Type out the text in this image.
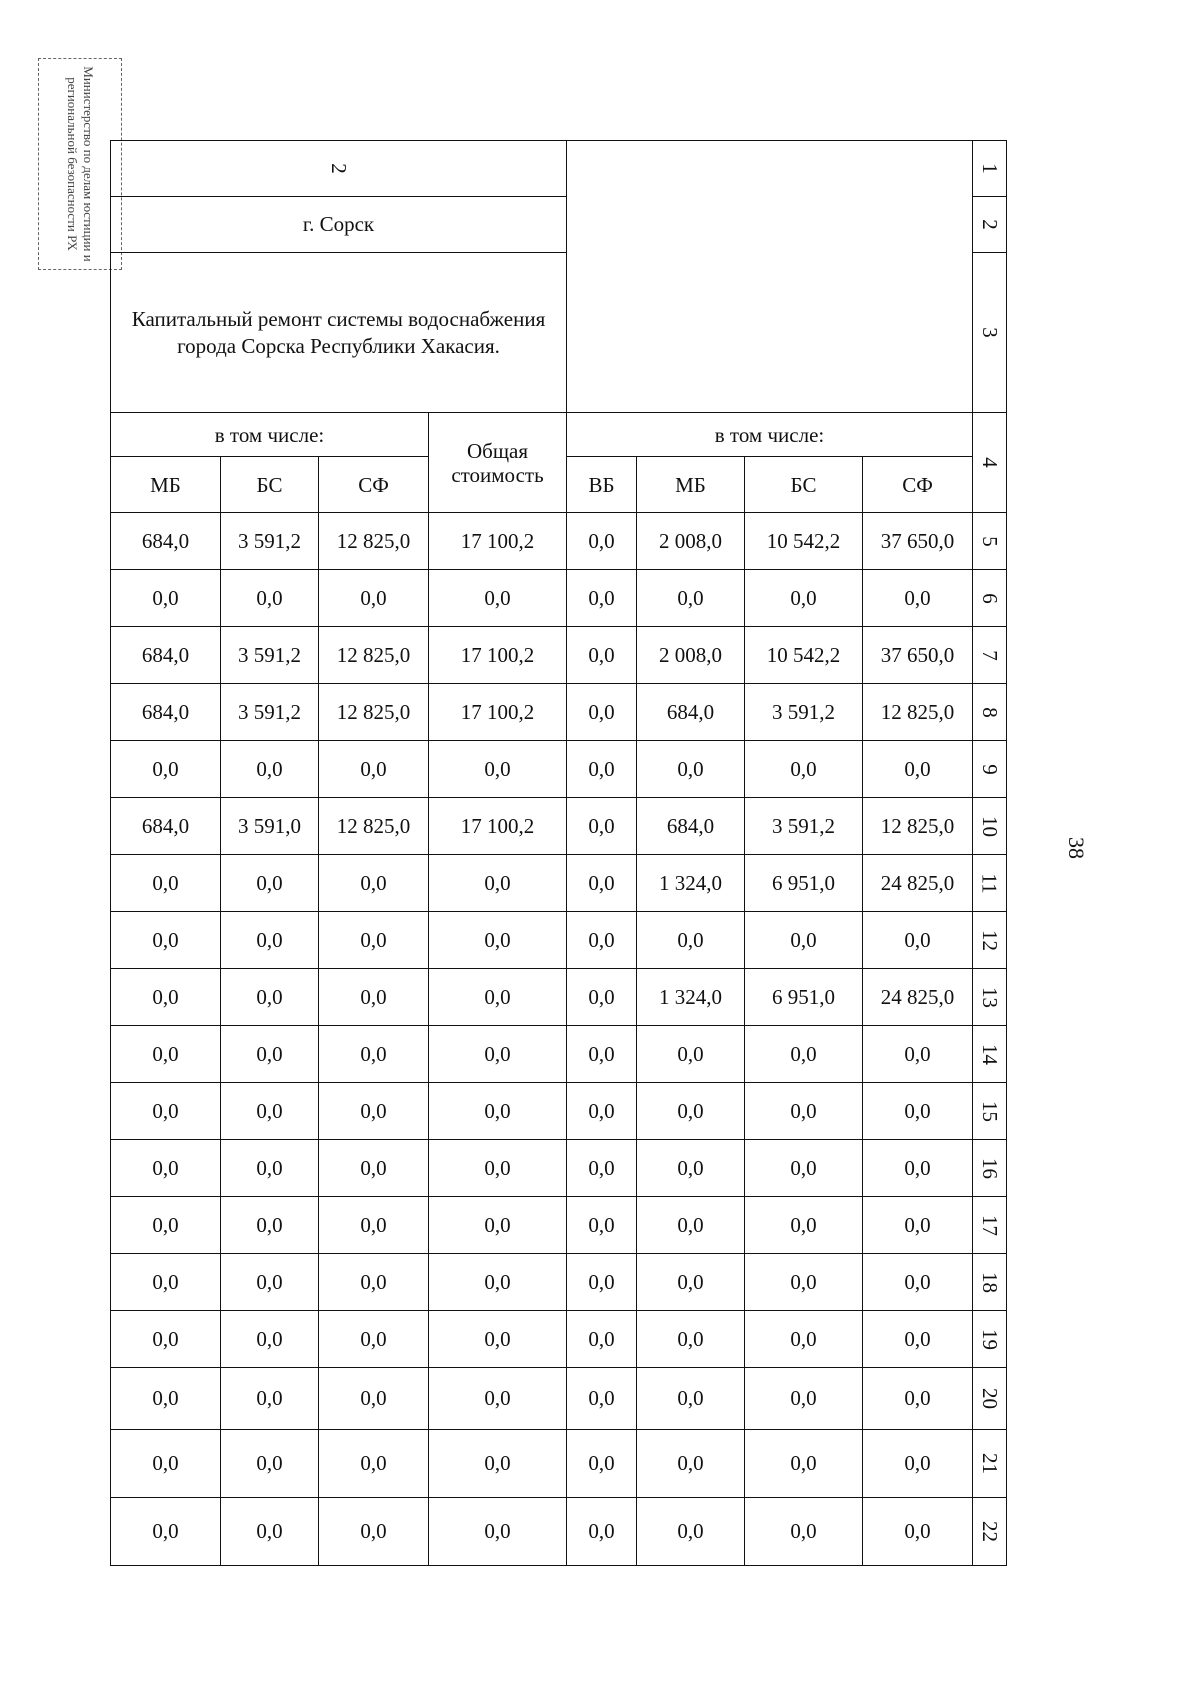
Министерство по делам юстиции и региональной безопасности РХ
38
2								1
г. Сорск								2
Капитальный ремонт системы водоснабжения города Сорска Республики Хакасия.								3
в том числе:			Общая стоимость	в том числе:				4
МБ	БС	СФ		ВБ	МБ	БС	СФ	
684,0	3 591,2	12 825,0	17 100,2	0,0	2 008,0	10 542,2	37 650,0	5
0,0	0,0	0,0	0,0	0,0	0,0	0,0	0,0	6
684,0	3 591,2	12 825,0	17 100,2	0,0	2 008,0	10 542,2	37 650,0	7
684,0	3 591,2	12 825,0	17 100,2	0,0	684,0	3 591,2	12 825,0	8
0,0	0,0	0,0	0,0	0,0	0,0	0,0	0,0	9
684,0	3 591,0	12 825,0	17 100,2	0,0	684,0	3 591,2	12 825,0	10
0,0	0,0	0,0	0,0	0,0	1 324,0	6 951,0	24 825,0	11
0,0	0,0	0,0	0,0	0,0	0,0	0,0	0,0	12
0,0	0,0	0,0	0,0	0,0	1 324,0	6 951,0	24 825,0	13
0,0	0,0	0,0	0,0	0,0	0,0	0,0	0,0	14
0,0	0,0	0,0	0,0	0,0	0,0	0,0	0,0	15
0,0	0,0	0,0	0,0	0,0	0,0	0,0	0,0	16
0,0	0,0	0,0	0,0	0,0	0,0	0,0	0,0	17
0,0	0,0	0,0	0,0	0,0	0,0	0,0	0,0	18
0,0	0,0	0,0	0,0	0,0	0,0	0,0	0,0	19
0,0	0,0	0,0	0,0	0,0	0,0	0,0	0,0	20
0,0	0,0	0,0	0,0	0,0	0,0	0,0	0,0	21
0,0	0,0	0,0	0,0	0,0	0,0	0,0	0,0	22
